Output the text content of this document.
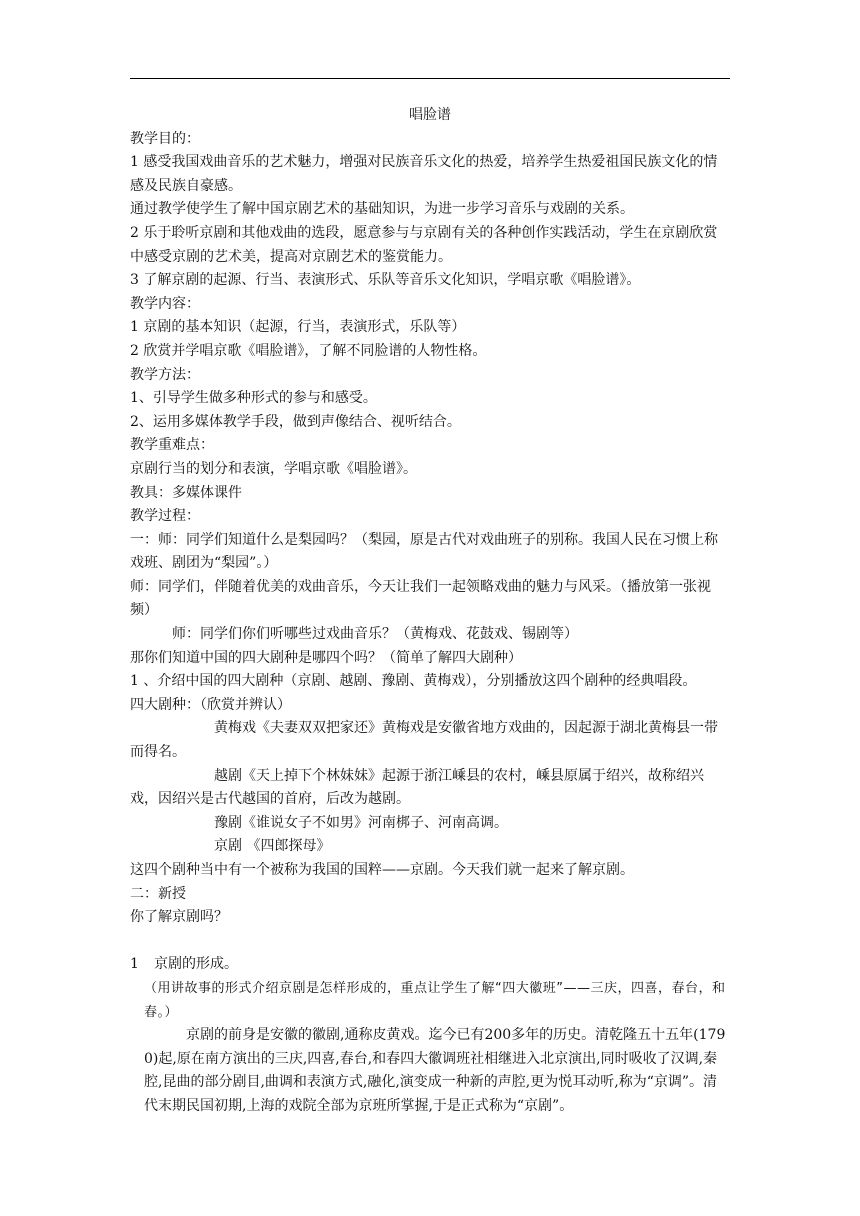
唱脸谱

教学目的：

1 感受我国戏曲音乐的艺术魅力，增强对民族音乐文化的热爱，培养学生热爱祖国民族文化的情感及民族自豪感。

通过教学使学生了解中国京剧艺术的基础知识，为进一步学习音乐与戏剧的关系。

2 乐于聆听京剧和其他戏曲的选段，愿意参与与京剧有关的各种创作实践活动，学生在京剧欣赏中感受京剧的艺术美，提高对京剧艺术的鉴赏能力。

3 了解京剧的起源、行当、表演形式、乐队等音乐文化知识，学唱京歌《唱脸谱》。

教学内容：

1 京剧的基本知识（起源，行当，表演形式，乐队等）

2 欣赏并学唱京歌《唱脸谱》，了解不同脸谱的人物性格。

教学方法：

1、引导学生做多种形式的参与和感受。

2、运用多媒体教学手段，做到声像结合、视听结合。

教学重难点：

京剧行当的划分和表演，学唱京歌《唱脸谱》。

教具：多媒体课件

教学过程：

一：师：同学们知道什么是梨园吗？（梨园，原是古代对戏曲班子的别称。我国人民在习惯上称戏班、剧团为“梨园”。）

师：同学们，伴随着优美的戏曲音乐，今天让我们一起领略戏曲的魅力与风采。（播放第一张视频）

师：同学们你们听哪些过戏曲音乐？（黄梅戏、花鼓戏、锡剧等）

那你们知道中国的四大剧种是哪四个吗？（简单了解四大剧种）

1 、介绍中国的四大剧种（京剧、越剧、豫剧、黄梅戏），分别播放这四个剧种的经典唱段。

四大剧种：（欣赏并辨认）

黄梅戏《夫妻双双把家还》黄梅戏是安徽省地方戏曲的，因起源于湖北黄梅县一带而得名。

越剧《天上掉下个林妹妹》起源于浙江嵊县的农村，嵊县原属于绍兴，故称绍兴戏，因绍兴是古代越国的首府，后改为越剧。

豫剧《谁说女子不如男》河南梆子、河南高调。

京剧 《四郎探母》

这四个剧种当中有一个被称为我国的国粹——京剧。今天我们就一起来了解京剧。

二：新授

你了解京剧吗？

1 京剧的形成。

（用讲故事的形式介绍京剧是怎样形成的，重点让学生了解“四大徽班”——三庆，四喜，春台，和春。）

京剧的前身是安徽的徽剧,通称皮黄戏。迄今已有200多年的历史。清乾隆五十五年(1790)起,原在南方演出的三庆,四喜,春台,和春四大徽调班社相继进入北京演出,同时吸收了汉调,秦腔,昆曲的部分剧目,曲调和表演方式,融化,演变成一种新的声腔,更为悦耳动听,称为“京调”。清代末期民国初期,上海的戏院全部为京班所掌握,于是正式称为“京剧”。
